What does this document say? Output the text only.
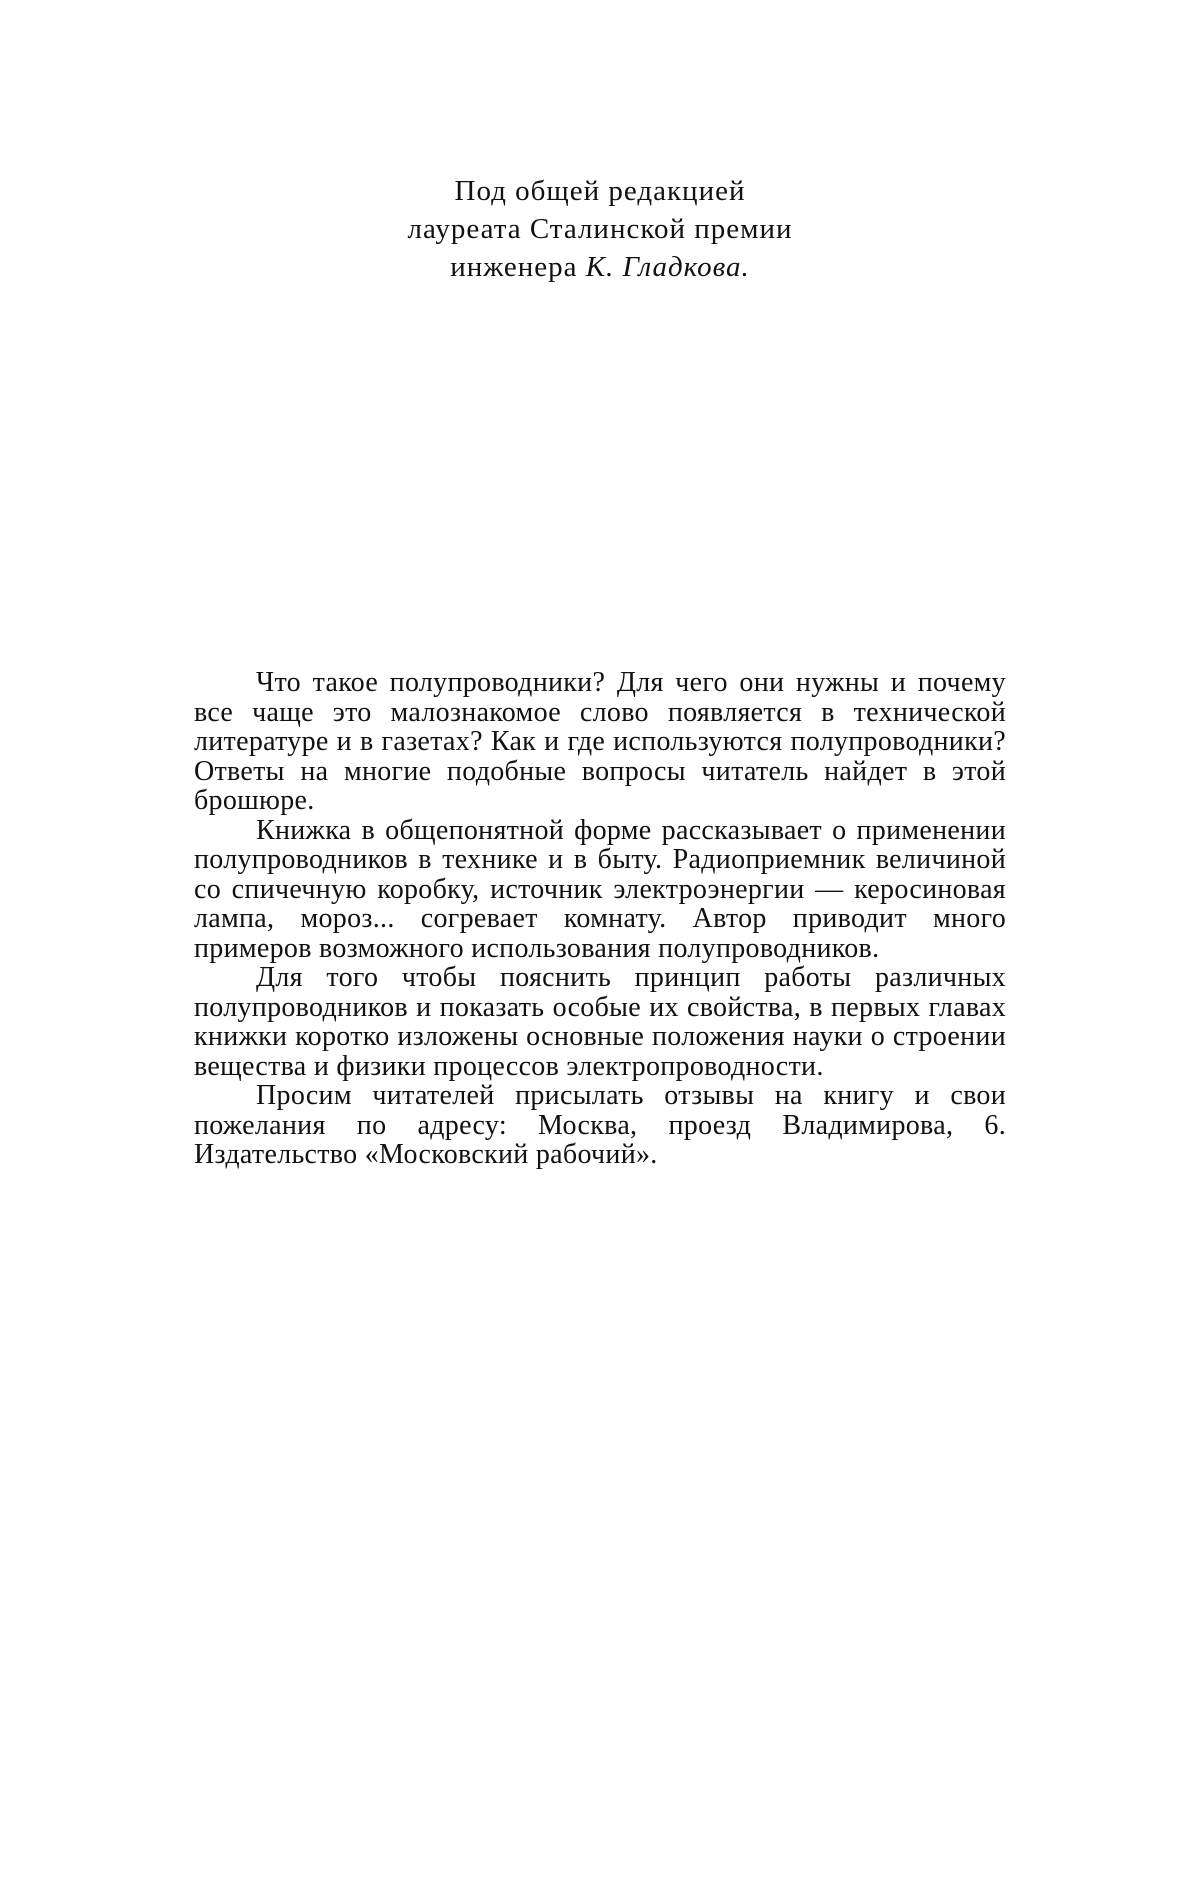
Под общей редакцией
лауреата Сталинской премии
инженера К. Гладкова.

Что такое полупроводники? Для чего они нужны и почему все чаще это малознакомое слово появляется в технической литературе и в газетах? Как и где используются полупроводники? Ответы на многие подобные вопросы читатель найдет в этой брошюре.

Книжка в общепонятной форме рассказывает о применении полупроводников в технике и в быту. Радиоприемник величиной со спичечную коробку, источник электроэнергии — керосиновая лампа, мороз... согревает комнату. Автор приводит много примеров возможного использования полупроводников.

Для того чтобы пояснить принцип работы различных полупроводников и показать особые их свойства, в первых главах книжки коротко изложены основные положения науки о строении вещества и физики процессов электропроводности.

Просим читателей присылать отзывы на книгу и свои пожелания по адресу: Москва, проезд Владимирова, 6. Издательство «Московский рабочий».
